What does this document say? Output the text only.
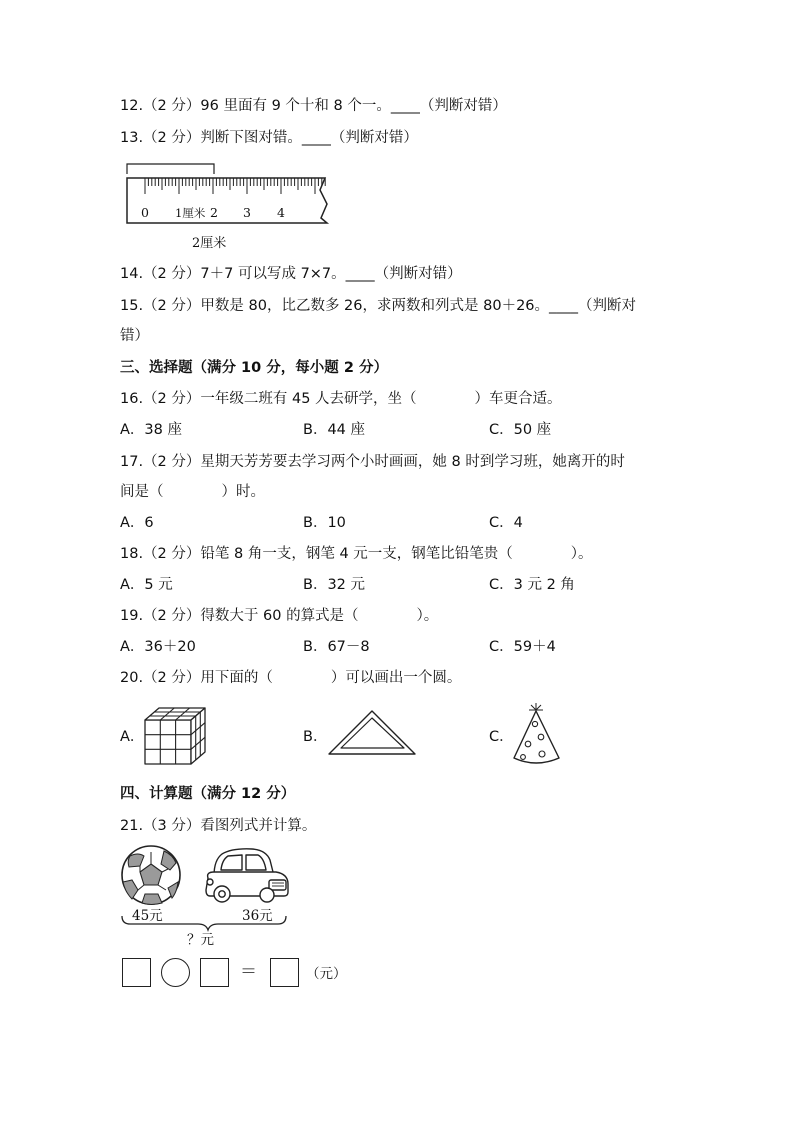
12.（2 分）96 里面有 9 个十和 8 个一。____（判断对错）
13.（2 分）判断下图对错。____（判断对错）
0 1厘米 2 3 4
2厘米
14.（2 分）7＋7 可以写成 7×7。____（判断对错）
15.（2 分）甲数是 80，比乙数多 26，求两数和列式是 80＋26。____（判断对
错）
三、选择题（满分 10 分，每小题 2 分）
16.（2 分）一年级二班有 45 人去研学，坐（　　　　）车更合适。
A．38 座	B．44 座	C．50 座
17.（2 分）星期天芳芳要去学习两个小时画画，她 8 时到学习班，她离开的时
间是（　　　　）时。
A．6	B．10	C．4
18.（2 分）铅笔 8 角一支，钢笔 4 元一支，钢笔比铅笔贵（　　　　）。
A．5 元	B．32 元	C．3 元 2 角
19.（2 分）得数大于 60 的算式是（　　　　）。
A．36＋20	B．67－8	C．59＋4
20.（2 分）用下面的（　　　　）可以画出一个圆。
A．	B．	C．
四、计算题（满分 12 分）
21.（3 分）看图列式并计算。
45元	36元
？元
＝	（元）
